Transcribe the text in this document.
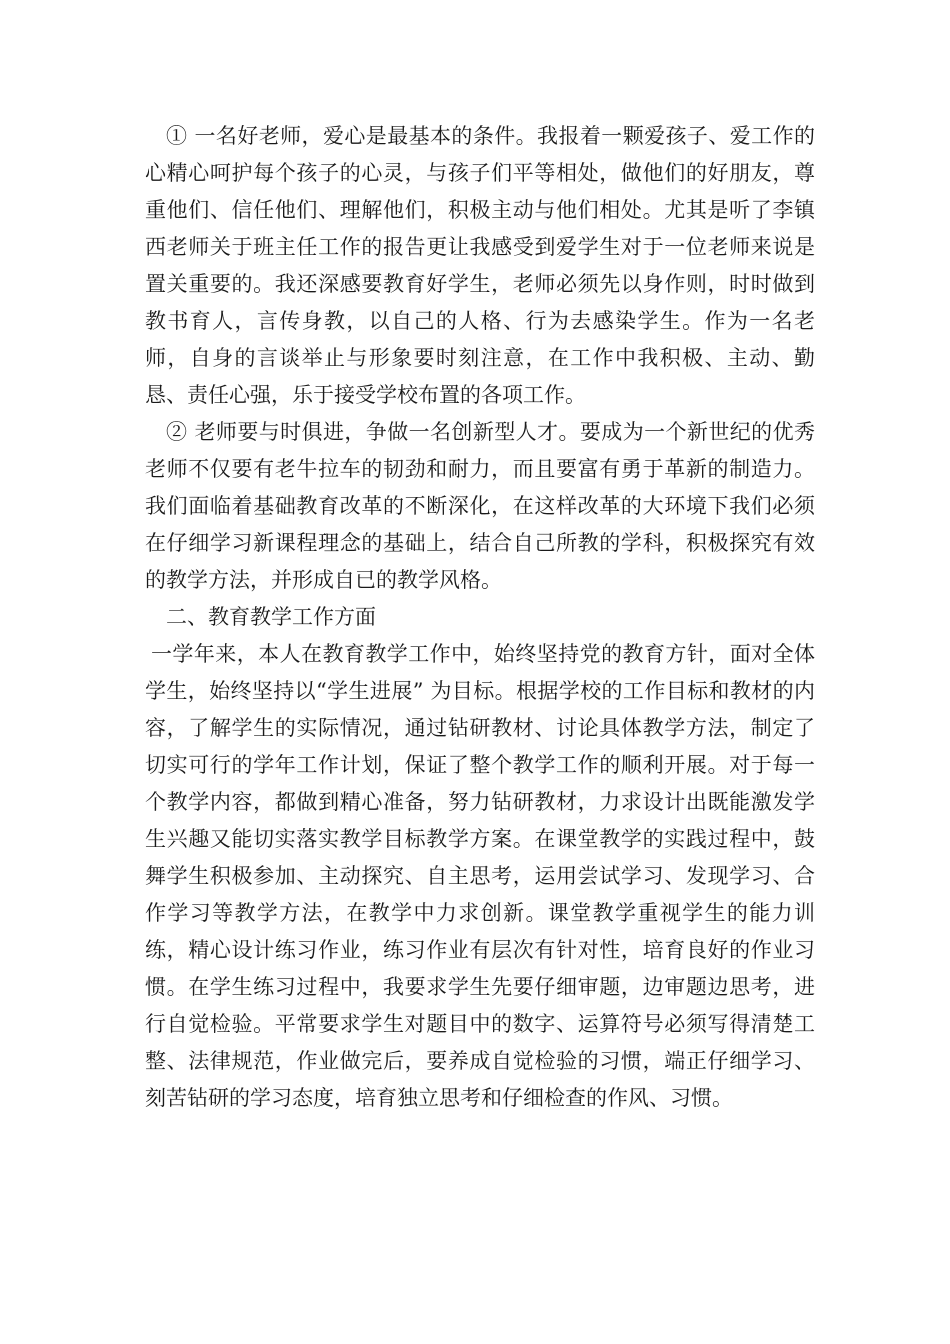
① 一名好老师，爱心是最基本的条件。我报着一颗爱孩子、爱工作的心精心呵护每个孩子的心灵，与孩子们平等相处，做他们的好朋友，尊重他们、信任他们、理解他们，积极主动与他们相处。尤其是听了李镇西老师关于班主任工作的报告更让我感受到爱学生对于一位老师来说是置关重要的。我还深感要教育好学生，老师必须先以身作则，时时做到教书育人，言传身教，以自己的人格、行为去感染学生。作为一名老师，自身的言谈举止与形象要时刻注意，在工作中我积极、主动、勤恳、责任心强，乐于接受学校布置的各项工作。

② 老师要与时俱进，争做一名创新型人才。要成为一个新世纪的优秀老师不仅要有老牛拉车的韧劲和耐力，而且要富有勇于革新的制造力。我们面临着基础教育改革的不断深化，在这样改革的大环境下我们必须在仔细学习新课程理念的基础上，结合自己所教的学科，积极探究有效的教学方法，并形成自已的教学风格。

二、教育教学工作方面

一学年来，本人在教育教学工作中，始终坚持党的教育方针，面对全体学生，始终坚持以“学生进展” 为目标。根据学校的工作目标和教材的内容，了解学生的实际情况，通过钻研教材、讨论具体教学方法，制定了切实可行的学年工作计划，保证了整个教学工作的顺利开展。对于每一个教学内容，都做到精心准备，努力钻研教材，力求设计出既能激发学生兴趣又能切实落实教学目标教学方案。在课堂教学的实践过程中，鼓舞学生积极参加、主动探究、自主思考，运用尝试学习、发现学习、合作学习等教学方法，在教学中力求创新。课堂教学重视学生的能力训练，精心设计练习作业，练习作业有层次有针对性，培育良好的作业习惯。在学生练习过程中，我要求学生先要仔细审题，边审题边思考，进行自觉检验。平常要求学生对题目中的数字、运算符号必须写得清楚工整、法律规范，作业做完后，要养成自觉检验的习惯，端正仔细学习、刻苦钻研的学习态度，培育独立思考和仔细检查的作风、习惯。
